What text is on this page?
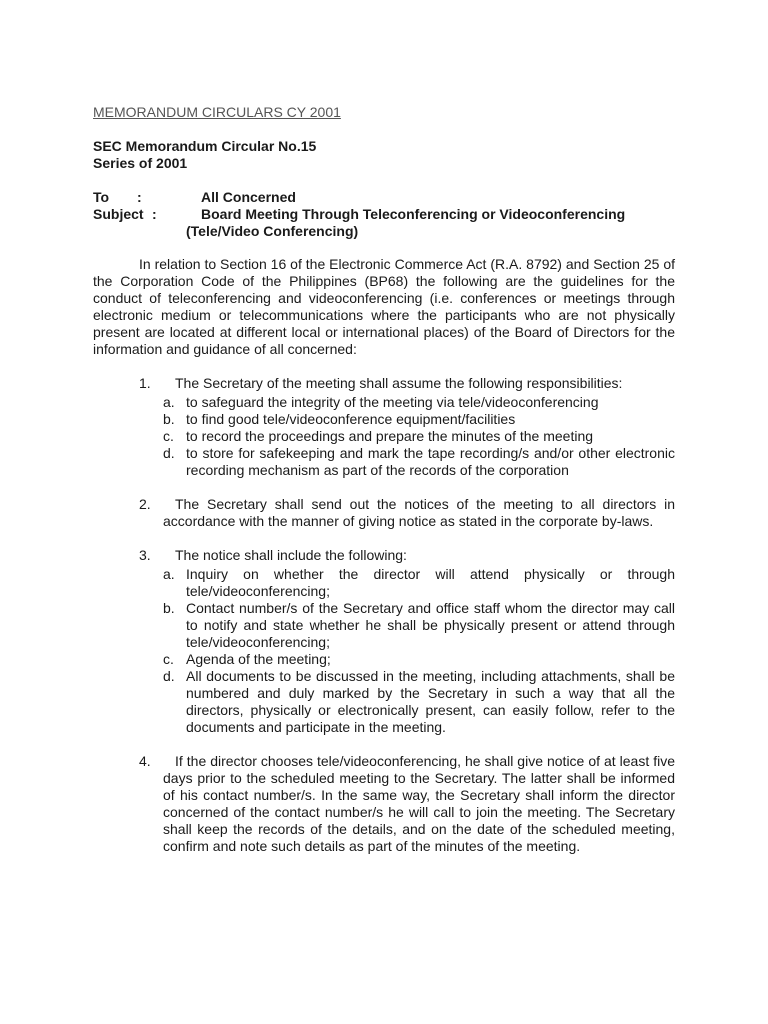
MEMORANDUM CIRCULARS CY 2001
SEC Memorandum Circular No.15
Series of 2001
To	:	All Concerned
Subject :	Board Meeting Through Teleconferencing or Videoconferencing
(Tele/Video Conferencing)

In relation to Section 16 of the Electronic Commerce Act (R.A. 8792) and Section 25 of the Corporation Code of the Philippines (BP68) the following are the guidelines for the conduct of teleconferencing and videoconferencing (i.e. conferences or meetings through electronic medium or telecommunications where the participants who are not physically present are located at different local or international places) of the Board of Directors for the information and guidance of all concerned:

1.	The Secretary of the meeting shall assume the following responsibilities:
a. to safeguard the integrity of the meeting via tele/videoconferencing
b. to find good tele/videoconference equipment/facilities
c. to record the proceedings and prepare the minutes of the meeting
d. to store for safekeeping and mark the tape recording/s and/or other electronic recording mechanism as part of the records of the corporation
2.	The Secretary shall send out the notices of the meeting to all directors in accordance with the manner of giving notice as stated in the corporate by-laws.
3.	The notice shall include the following:
a. Inquiry on whether the director will attend physically or through tele/videoconferencing;
b. Contact number/s of the Secretary and office staff whom the director may call to notify and state whether he shall be physically present or attend through tele/videoconferencing;
c. Agenda of the meeting;
d. All documents to be discussed in the meeting, including attachments, shall be numbered and duly marked by the Secretary in such a way that all the directors, physically or electronically present, can easily follow, refer to the documents and participate in the meeting.
4.	If the director chooses tele/videoconferencing, he shall give notice of at least five days prior to the scheduled meeting to the Secretary. The latter shall be informed of his contact number/s. In the same way, the Secretary shall inform the director concerned of the contact number/s he will call to join the meeting. The Secretary shall keep the records of the details, and on the date of the scheduled meeting, confirm and note such details as part of the minutes of the meeting.
